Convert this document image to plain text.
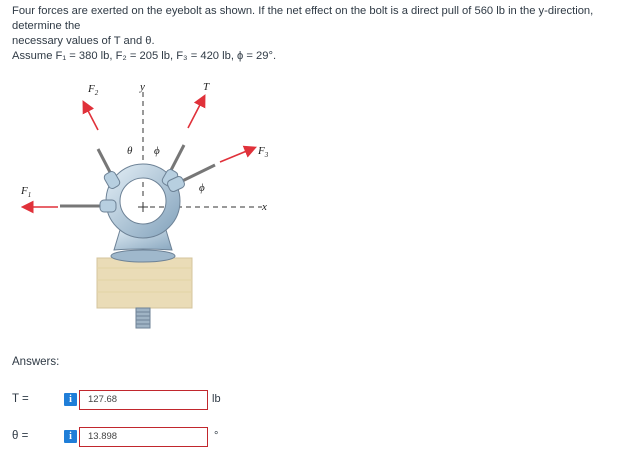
Four forces are exerted on the eyebolt as shown. If the net effect on the bolt is a direct pull of 560 lb in the y-direction, determine the

necessary values of T and θ.

Assume F₁ = 380 lb, F₂ = 205 lb, F₃ = 420 lb, ϕ = 29°.

$F_2$	y	T
θ ϕ	$F_3$
ϕ
x
$F_1$
Answers:
T =	i	127.68	lb
θ =	i	13.898	°
